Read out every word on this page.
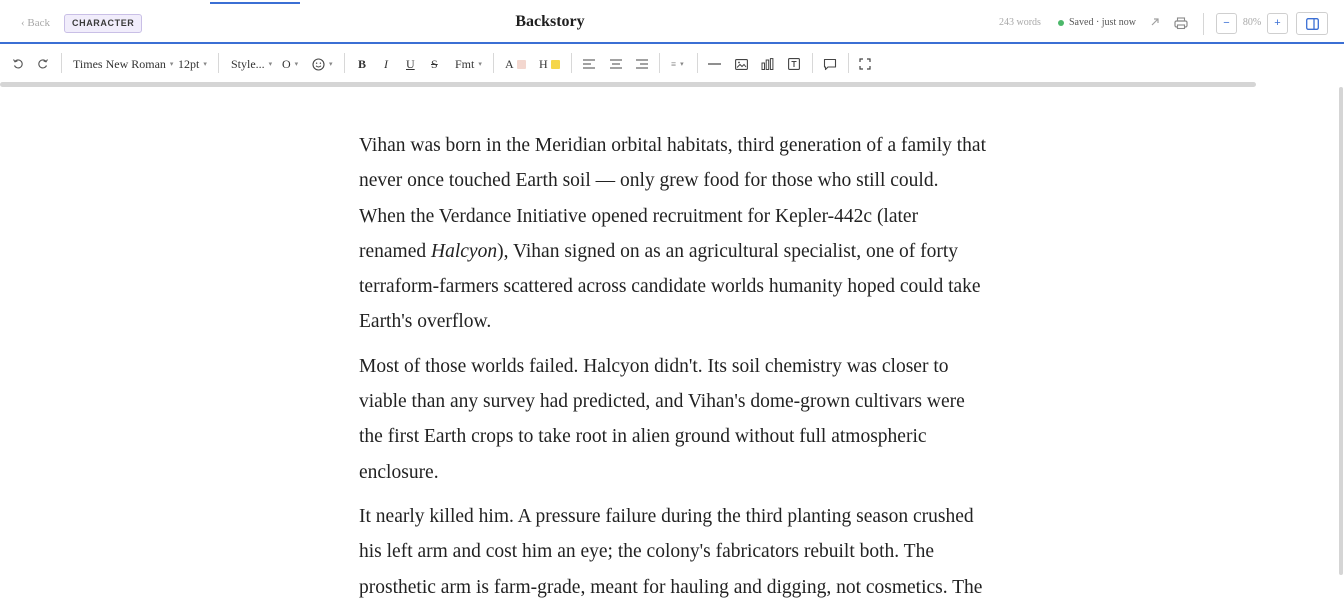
‹ Back	CHARACTER	Backstory	243 words	Saved · just now	−	80%	+
Times New Roman ▾ 12pt ▾ Style... ▾ O ▾	▾ B I U S Fmt ▾ A H	≡ ▾

Vihan was born in the Meridian orbital habitats, third generation of a family that never once touched Earth soil — only grew food for those who still could. When the Verdance Initiative opened recruitment for Kepler-442c (later renamed Halcyon), Vihan signed on as an agricultural specialist, one of forty terraform-farmers scattered across candidate worlds humanity hoped could take Earth's overflow.

Most of those worlds failed. Halcyon didn't. Its soil chemistry was closer to viable than any survey had predicted, and Vihan's dome-grown cultivars were the first Earth crops to take root in alien ground without full atmospheric enclosure.

It nearly killed him. A pressure failure during the third planting season crushed his left arm and cost him an eye; the colony's fabricators rebuilt both. The prosthetic arm is farm-grade, meant for hauling and digging, not cosmetics. The
